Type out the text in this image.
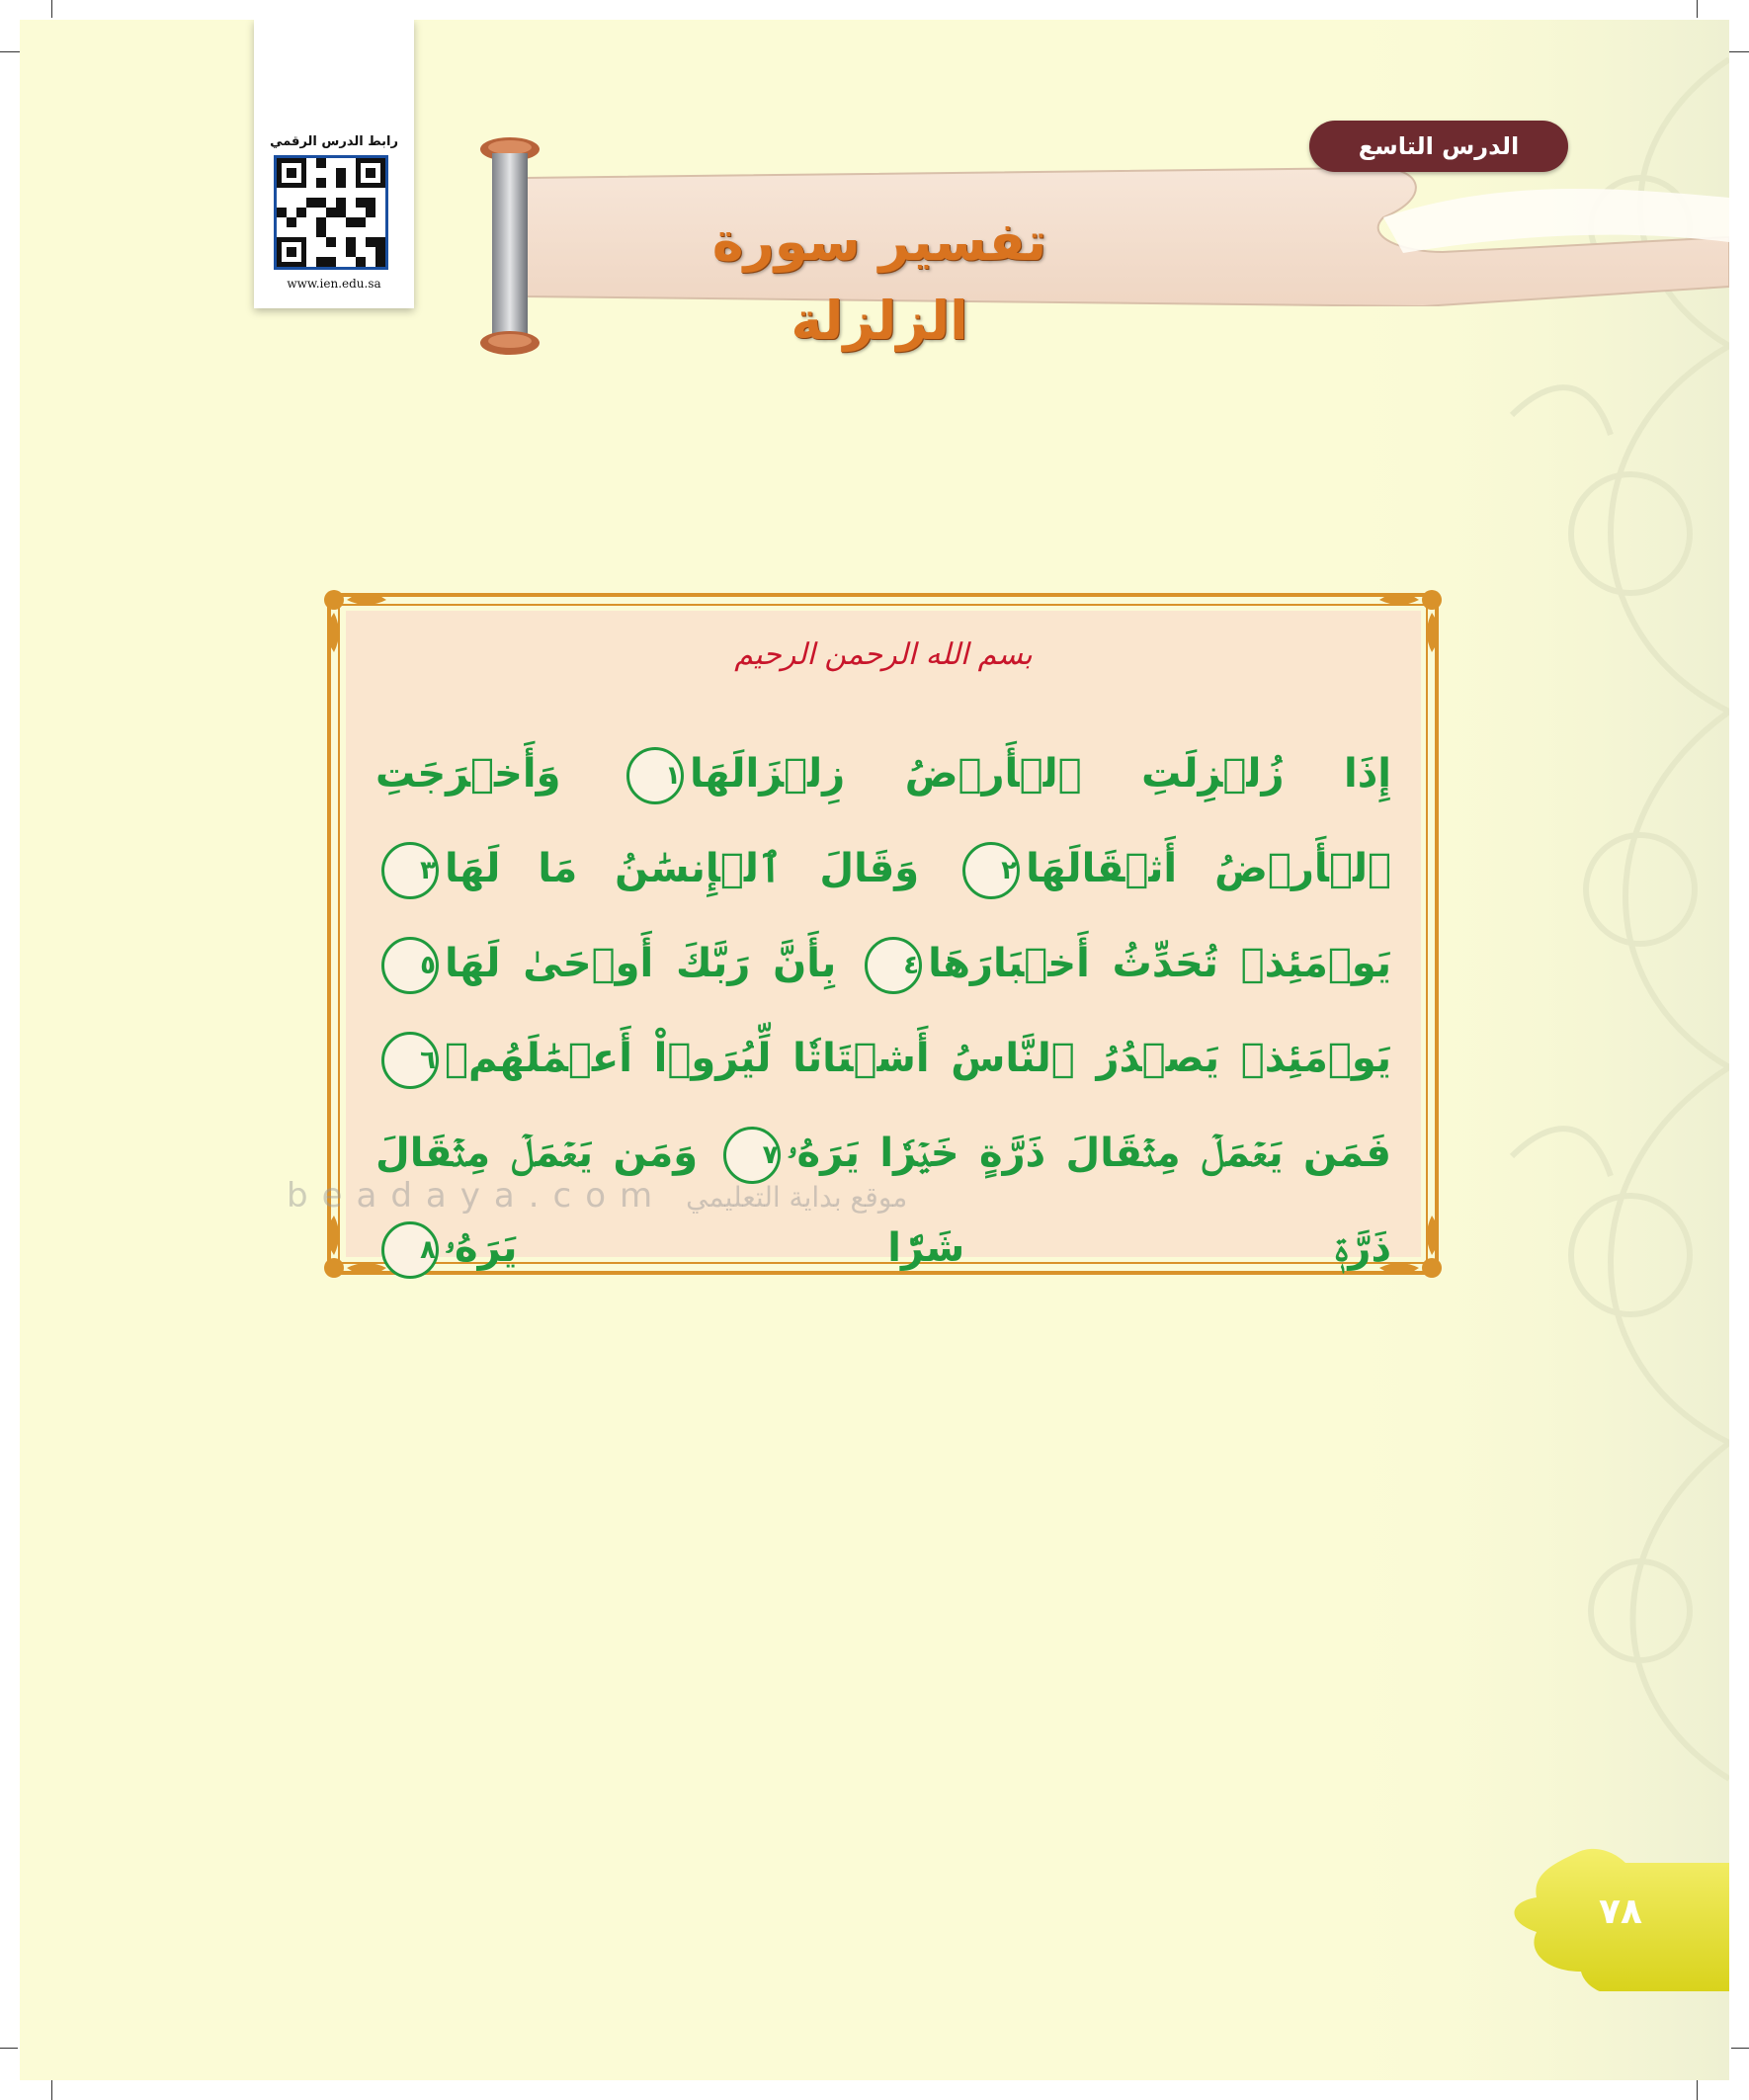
رابط الدرس الرقمي
www.ien.edu.sa
الدرس التاسع
تفسير سورة الزلزلة
بسم الله الرحمن الرحيم
إِذَا زُلۡزِلَتِ ٱلۡأَرۡضُ زِلۡزَالَهَا١ وَأَخۡرَجَتِ ٱلۡأَرۡضُ أَثۡقَالَهَا٢ وَقَالَ ٱلۡإِنسَٰنُ مَا لَهَا٣ يَوۡمَئِذٖ تُحَدِّثُ أَخۡبَارَهَا٤ بِأَنَّ رَبَّكَ أَوۡحَىٰ لَهَا٥ يَوۡمَئِذٖ يَصۡدُرُ ٱلنَّاسُ أَشۡتَاتٗا لِّيُرَوۡاْ أَعۡمَٰلَهُمۡ٦ فَمَن يَعۡمَلۡ مِثۡقَالَ ذَرَّةٍ خَيۡرٗا يَرَهُۥ٧ وَمَن يَعۡمَلۡ مِثۡقَالَ ذَرَّةٖ شَرّٗا يَرَهُۥ٨
beadaya.com موقع بداية التعليمي
٧٨
